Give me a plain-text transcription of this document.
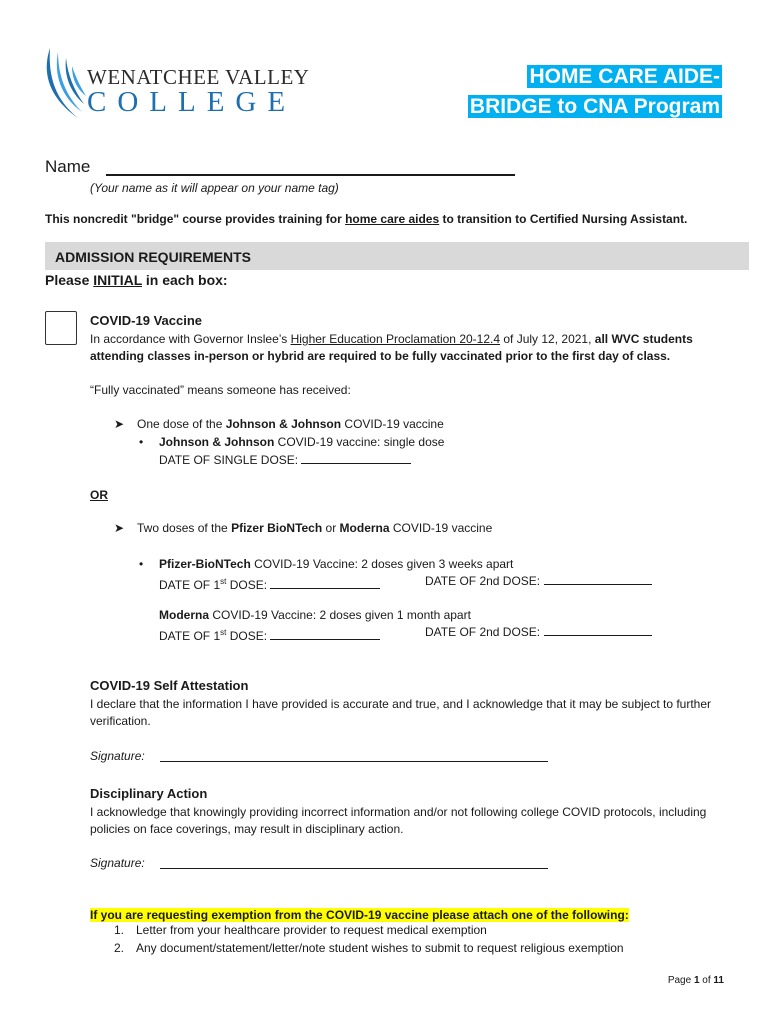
WENATCHEE VALLEY
COLLEGE
HOME CARE AIDE-
BRIDGE to CNA Program
Name
(Your name as it will appear on your name tag)
This noncredit "bridge" course provides training for home care aides to transition to Certified Nursing Assistant.
ADMISSION REQUIREMENTS
Please INITIAL in each box:
COVID-19 Vaccine
In accordance with Governor Inslee’s Higher Education Proclamation 20-12.4 of July 12, 2021, all WVC students
attending classes in-person or hybrid are required to be fully vaccinated prior to the first day of class.
“Fully vaccinated” means someone has received:
➤ One dose of the Johnson & Johnson COVID-19 vaccine
• Johnson & Johnson COVID-19 vaccine: single dose
DATE OF SINGLE DOSE:
OR
➤ Two doses of the Pfizer BioNTech or Moderna COVID-19 vaccine
• Pfizer-BioNTech COVID-19 Vaccine: 2 doses given 3 weeks apart
DATE OF 1st DOSE:	DATE OF 2nd DOSE:
Moderna COVID-19 Vaccine: 2 doses given 1 month apart
DATE OF 1st DOSE:	DATE OF 2nd DOSE:
COVID-19 Self Attestation
I declare that the information I have provided is accurate and true, and I acknowledge that it may be subject to further verification.
Signature:
Disciplinary Action
I acknowledge that knowingly providing incorrect information and/or not following college COVID protocols, including policies on face coverings, may result in disciplinary action.
Signature:
If you are requesting exemption from the COVID-19 vaccine please attach one of the following:
1. Letter from your healthcare provider to request medical exemption
2. Any document/statement/letter/note student wishes to submit to request religious exemption
Page 1 of 11
